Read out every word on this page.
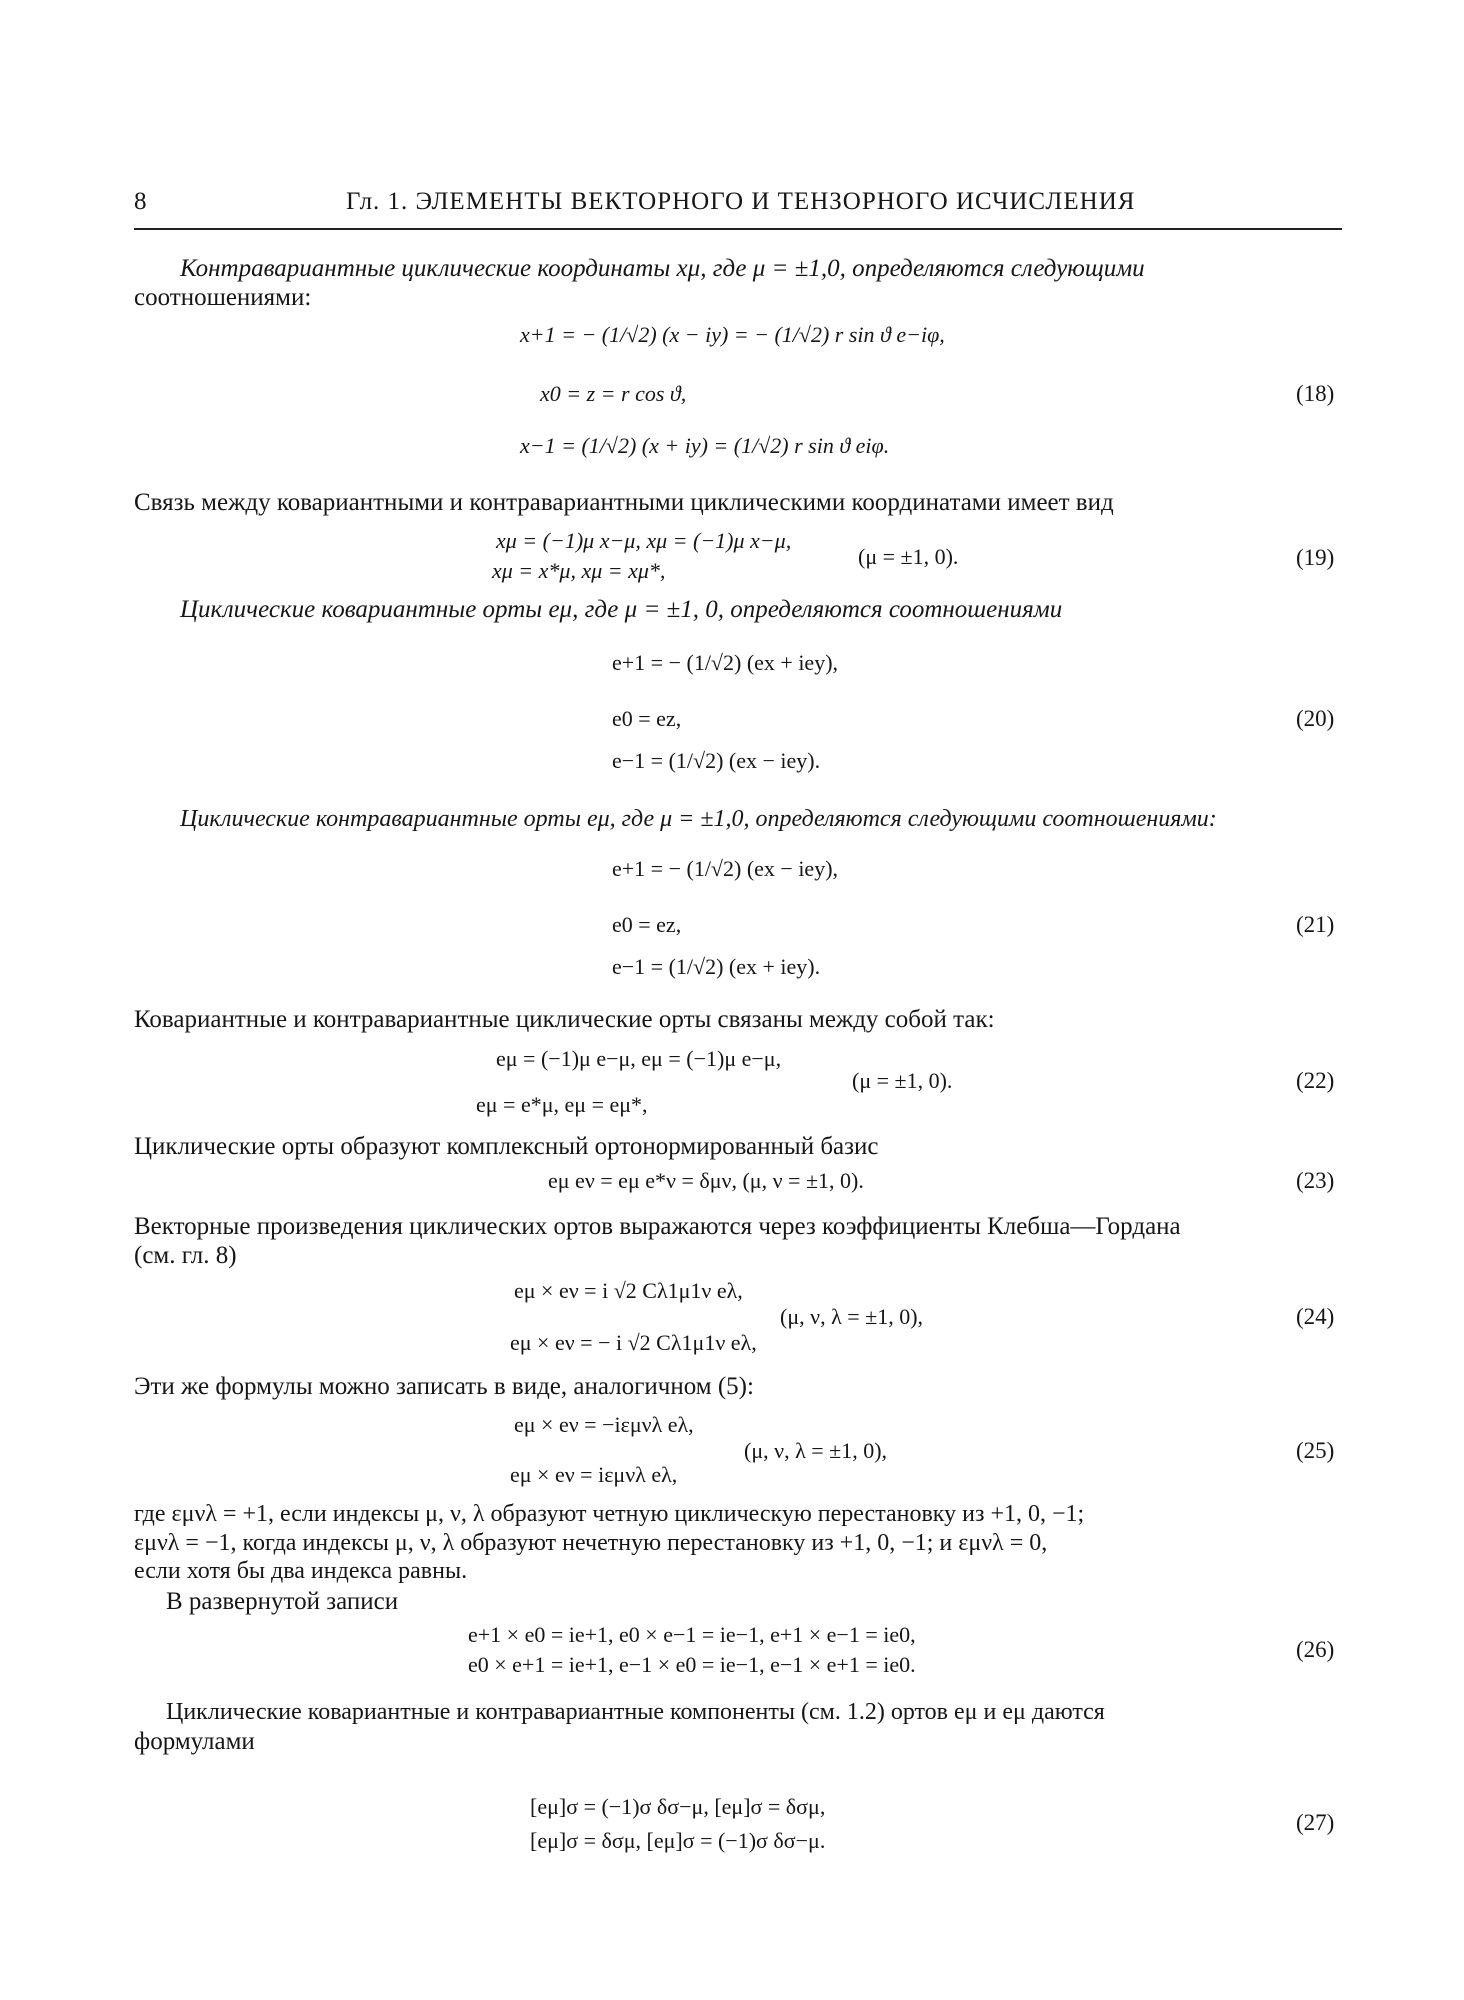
8	Гл. 1. ЭЛЕМЕНТЫ ВЕКТОРНОГО И ТЕНЗОРНОГО ИСЧИСЛЕНИЯ
Контравариантные циклические координаты xμ, где μ = ±1,0, определяются следующими
соотношениями:
x+1 = − (1/√2) (x − iy) = − (1/√2) r sin ϑ e−iφ,
x0 = z = r cos ϑ,
x−1 = (1/√2) (x + iy) = (1/√2) r sin ϑ eiφ.
(18)
Связь между ковариантными и контравариантными циклическими координатами имеет вид
xμ = (−1)μ x−μ, xμ = (−1)μ x−μ,
xμ = x*μ, xμ = xμ*,
(μ = ±1, 0).	(19)
Циклические ковариантные орты eμ, где μ = ±1, 0, определяются соотношениями
e+1 = − (1/√2) (ex + iey),
e0 = ez,
e−1 = (1/√2) (ex − iey).
(20)
Циклические контравариантные орты eμ, где μ = ±1,0, определяются следующими соотношениями:
e+1 = − (1/√2) (ex − iey),
e0 = ez,
e−1 = (1/√2) (ex + iey).
(21)
Ковариантные и контравариантные циклические орты связаны между собой так:
eμ = (−1)μ e−μ, eμ = (−1)μ e−μ,
eμ = e*μ, eμ = eμ*,
(μ = ±1, 0).	(22)
Циклические орты образуют комплексный ортонормированный базис
eμ eν = eμ e*ν = δμν, (μ, ν = ±1, 0).	(23)
Векторные произведения циклических ортов выражаются через коэффициенты Клебша—Гордана
(см. гл. 8)
eμ × eν = i √2 Cλ1μ1ν eλ,
eμ × eν = − i √2 Cλ1μ1ν eλ,
(μ, ν, λ = ±1, 0),	(24)
Эти же формулы можно записать в виде, аналогичном (5):
eμ × eν = −iεμνλ eλ,
eμ × eν = iεμνλ eλ,
(μ, ν, λ = ±1, 0),	(25)
где εμνλ = +1, если индексы μ, ν, λ образуют четную циклическую перестановку из +1, 0, −1;
εμνλ = −1, когда индексы μ, ν, λ образуют нечетную перестановку из +1, 0, −1; и εμνλ = 0,
если хотя бы два индекса равны.
В развернутой записи
e+1 × e0 = ie+1, e0 × e−1 = ie−1, e+1 × e−1 = ie0,
e0 × e+1 = ie+1, e−1 × e0 = ie−1, e−1 × e+1 = ie0.
(26)
Циклические ковариантные и контравариантные компоненты (см. 1.2) ортов eμ и eμ даются
формулами
[eμ]σ = (−1)σ δσ−μ, [eμ]σ = δσμ,
[eμ]σ = δσμ, [eμ]σ = (−1)σ δσ−μ.
(27)
